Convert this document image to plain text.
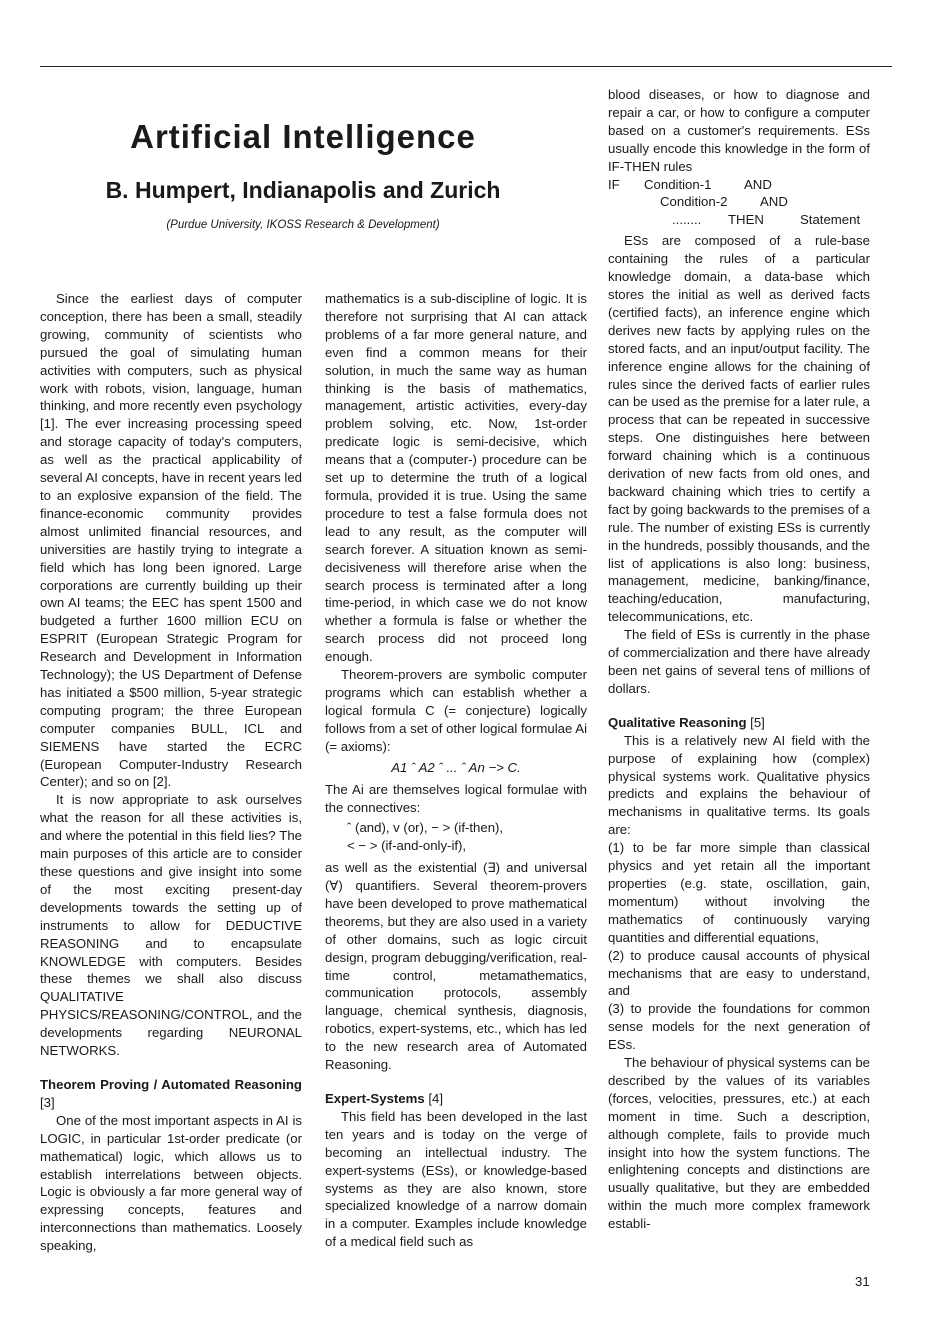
Artificial Intelligence
B. Humpert, Indianapolis and Zurich
(Purdue University, IKOSS Research & Development)

Since the earliest days of computer conception, there has been a small, steadily growing, community of scientists who pursued the goal of simulating human activities with computers, such as physical work with robots, vision, language, human thinking, and more recently even psychology [1]. The ever increasing processing speed and storage capacity of today's computers, as well as the practical applicability of several AI concepts, have in recent years led to an explosive expansion of the field. The finance-economic community provides almost unlimited financial resources, and universities are hastily trying to integrate a field which has long been ignored. Large corporations are currently building up their own AI teams; the EEC has spent 1500 and budgeted a further 1600 million ECU on ESPRIT (European Strategic Program for Research and Development in Information Technology); the US Department of Defense has initiated a $500 million, 5-year strategic computing program; the three European computer companies BULL, ICL and SIEMENS have started the ECRC (European Computer-Industry Research Center); and so on [2].

It is now appropriate to ask ourselves what the reason for all these activities is, and where the potential in this field lies? The main purposes of this article are to consider these questions and give insight into some of the most exciting present-day developments towards the setting up of instruments to allow for DEDUCTIVE REASONING and to encapsulate KNOWLEDGE with computers. Besides these themes we shall also discuss QUALITATIVE PHYSICS/REASONING/CONTROL, and the developments regarding NEURONAL NETWORKS.

Theorem Proving / Automated Reasoning [3]

One of the most important aspects in AI is LOGIC, in particular 1st-order predicate (or mathematical) logic, which allows us to establish interrelations between objects. Logic is obviously a far more general way of expressing concepts, features and interconnections than mathematics. Loosely speaking,

mathematics is a sub-discipline of logic. It is therefore not surprising that AI can attack problems of a far more general nature, and even find a common means for their solution, in much the same way as human thinking is the basis of mathematics, management, artistic activities, every-day problem solving, etc. Now, 1st-order predicate logic is semi-decisive, which means that a (computer-) procedure can be set up to determine the truth of a logical formula, provided it is true. Using the same procedure to test a false formula does not lead to any result, as the computer will search forever. A situation known as semi-decisiveness will therefore arise when the search process is terminated after a long time-period, in which case we do not know whether a formula is false or whether the search process did not proceed long enough.

Theorem-provers are symbolic computer programs which can establish whether a logical formula C (= conjecture) logically follows from a set of other logical formulae Ai (= axioms):

A1 ˆ A2 ˆ ... ˆ An −> C.

The Ai are themselves logical formulae with the connectives:

ˆ (and), v (or), − > (if-then),
< − > (if-and-only-if),

as well as the existential (∃) and universal (∀) quantifiers. Several theorem-provers have been developed to prove mathematical theorems, but they are also used in a variety of other domains, such as logic circuit design, program debugging/verification, real-time control, metamathematics, communication protocols, assembly language, chemical synthesis, diagnosis, robotics, expert-systems, etc., which has led to the new research area of Automated Reasoning.

Expert-Systems [4]

This field has been developed in the last ten years and is today on the verge of becoming an intellectual industry. The expert-systems (ESs), or knowledge-based systems as they are also known, store specialized knowledge of a narrow domain in a computer. Examples include knowledge of a medical field such as

blood diseases, or how to diagnose and repair a car, or how to configure a computer based on a customer's requirements. ESs usually encode this knowledge in the form of IF-THEN rules

IF Condition-1 AND
Condition-2 AND
........ THEN	Statement

ESs are composed of a rule-base containing the rules of a particular knowledge domain, a data-base which stores the initial as well as derived facts (certified facts), an inference engine which derives new facts by applying rules on the stored facts, and an input/output facility. The inference engine allows for the chaining of rules since the derived facts of earlier rules can be used as the premise for a later rule, a process that can be repeated in successive steps. One distinguishes here between forward chaining which is a continuous derivation of new facts from old ones, and backward chaining which tries to certify a fact by going backwards to the premises of a rule. The number of existing ESs is currently in the hundreds, possibly thousands, and the list of applications is also long: business, management, medicine, banking/finance, teaching/education, manufacturing, telecommunications, etc.

The field of ESs is currently in the phase of commercialization and there have already been net gains of several tens of millions of dollars.

Qualitative Reasoning [5]

This is a relatively new AI field with the purpose of explaining how (complex) physical systems work. Qualitative physics predicts and explains the behaviour of mechanisms in qualitative terms. Its goals are:

(1) to be far more simple than classical physics and yet retain all the important properties (e.g. state, oscillation, gain, momentum) without involving the mathematics of continuously varying quantities and differential equations,

(2) to produce causal accounts of physical mechanisms that are easy to understand, and

(3) to provide the foundations for common sense models for the next generation of ESs.

The behaviour of physical systems can be described by the values of its variables (forces, velocities, pressures, etc.) at each moment in time. Such a description, although complete, fails to provide much insight into how the system functions. The enlightening concepts and distinctions are usually qualitative, but they are embedded within the much more complex framework establi-

31
